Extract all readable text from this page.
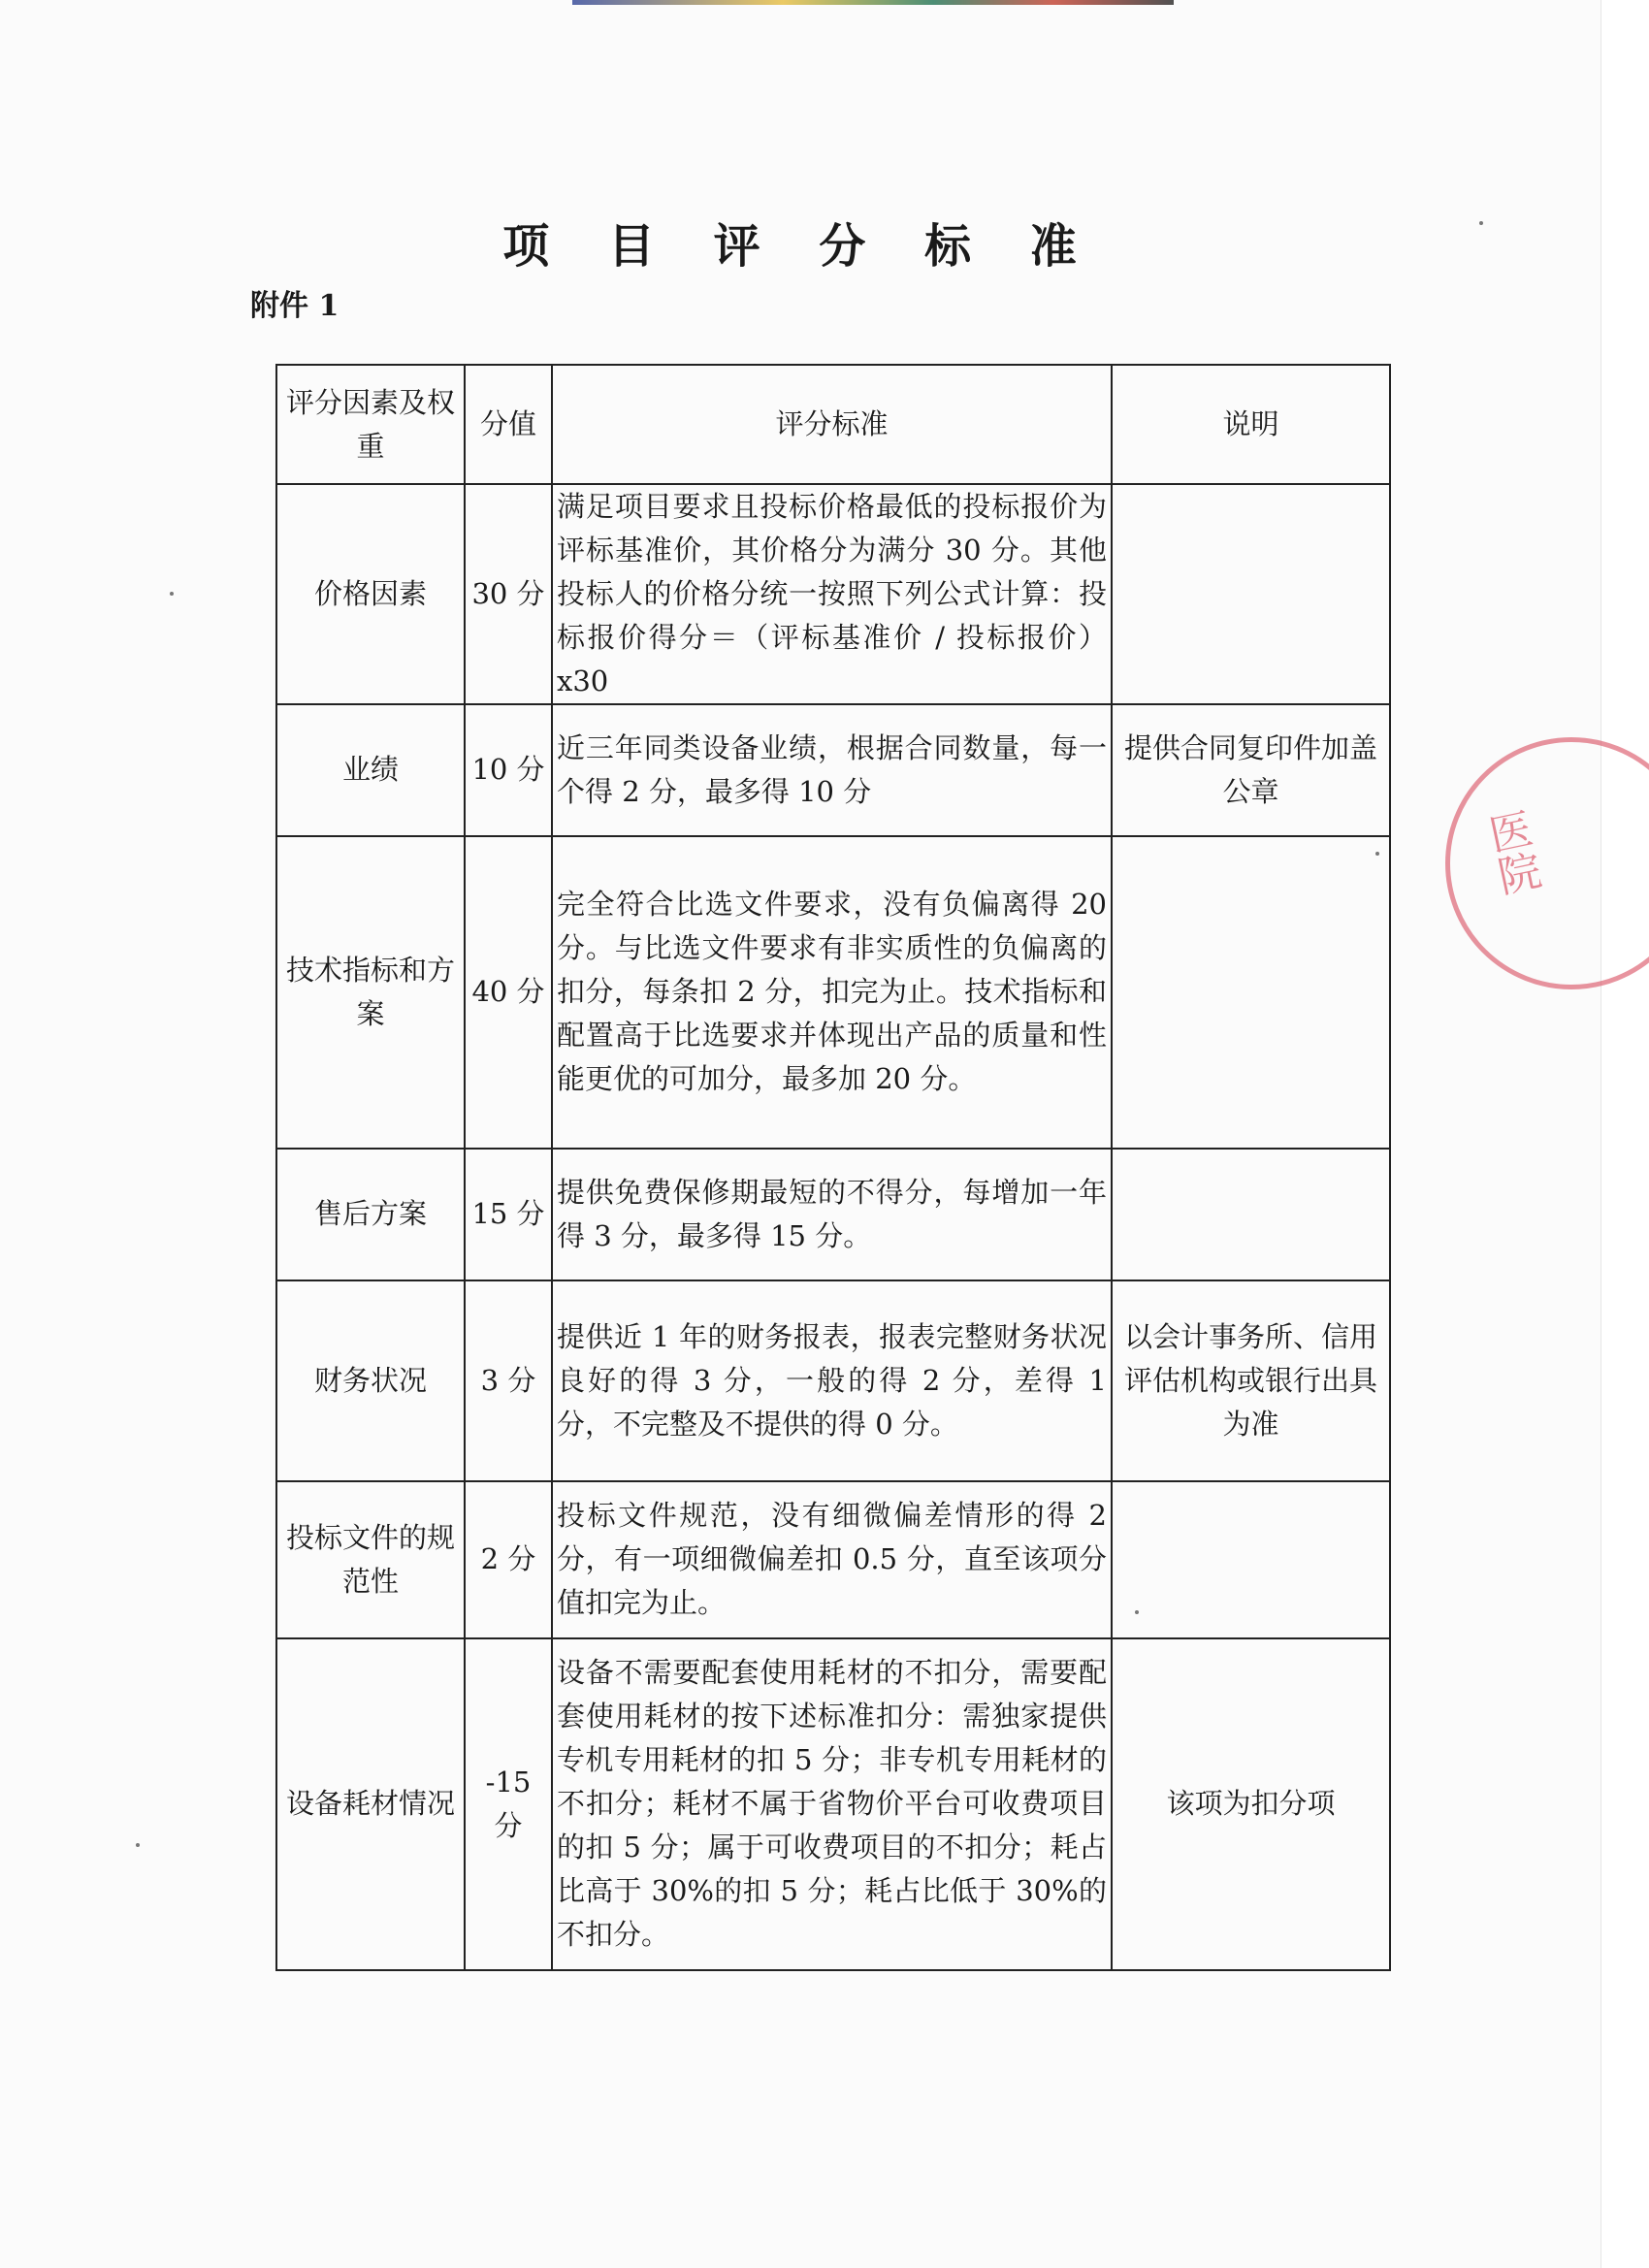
项 目 评 分 标 准
附件 1
评分因素及权重	分值	评分标准	说明
价格因素	30 分	满足项目要求且投标价格最低的投标报价为评标基准价，其价格分为满分 30 分。其他投标人的价格分统一按照下列公式计算：投标报价得分＝（评标基准价 / 投标报价）x30	
业绩	10 分	近三年同类设备业绩，根据合同数量，每一个得 2 分，最多得 10 分	提供合同复印件加盖公章
技术指标和方案	40 分	完全符合比选文件要求，没有负偏离得 20 分。与比选文件要求有非实质性的负偏离的扣分，每条扣 2 分，扣完为止。技术指标和配置高于比选要求并体现出产品的质量和性能更优的可加分，最多加 20 分。	
售后方案	15 分	提供免费保修期最短的不得分，每增加一年得 3 分，最多得 15 分。	
财务状况	3 分	提供近 1 年的财务报表，报表完整财务状况良好的得 3 分，一般的得 2 分，差得 1 分，不完整及不提供的得 0 分。	以会计事务所、信用评估机构或银行出具为准
投标文件的规范性	2 分	投标文件规范，没有细微偏差情形的得 2 分，有一项细微偏差扣 0.5 分，直至该项分值扣完为止。	
设备耗材情况	-15 分	设备不需要配套使用耗材的不扣分，需要配套使用耗材的按下述标准扣分：需独家提供专机专用耗材的扣 5 分；非专机专用耗材的不扣分；耗材不属于省物价平台可收费项目的扣 5 分；属于可收费项目的不扣分；耗占比高于 30%的扣 5 分；耗占比低于 30%的不扣分。	该项为扣分项
医院
